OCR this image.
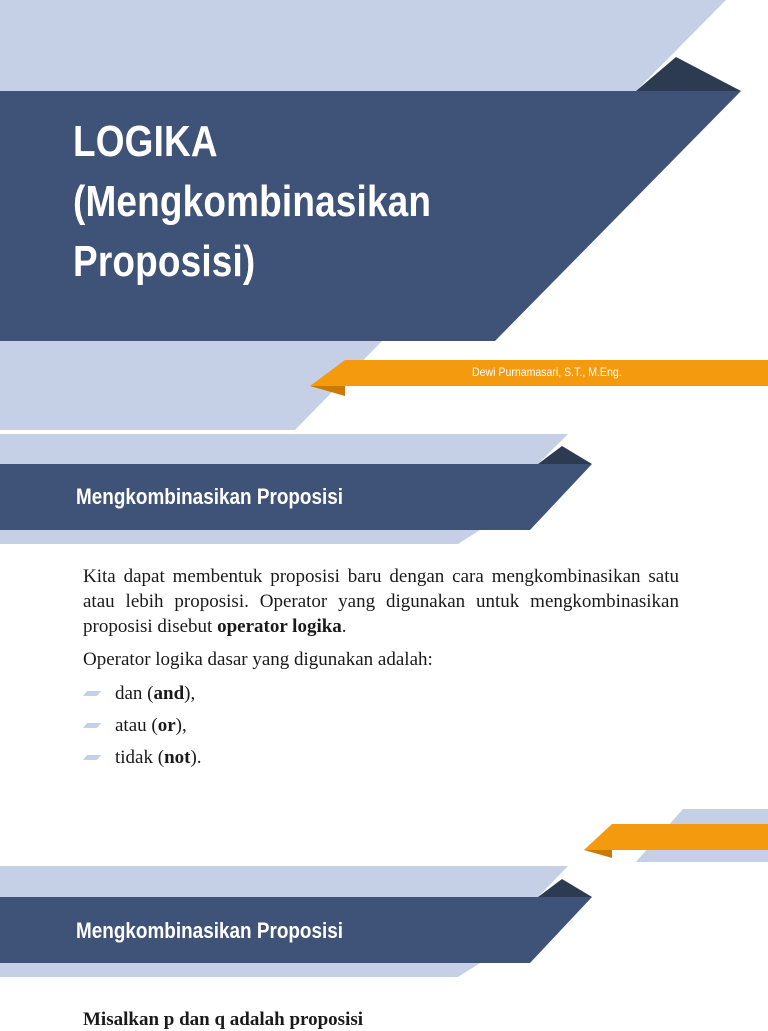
LOGIKA
(Mengkombinasikan
Proposisi)
Dewi Purnamasari, S.T., M.Eng.
Mengkombinasikan Proposisi

Kita dapat membentuk proposisi baru dengan cara mengkombinasikan satu atau lebih proposisi. Operator yang digunakan untuk mengkombinasikan proposisi disebut operator logika.

Operator logika dasar yang digunakan adalah:

dan (and),
atau (or),
tidak (not).
Mengkombinasikan Proposisi

Misalkan p dan q adalah proposisi
